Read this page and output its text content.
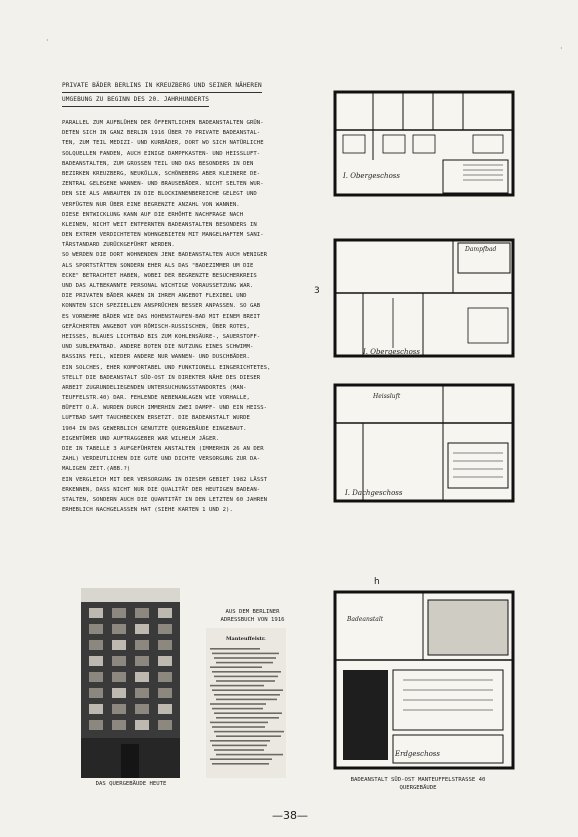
·
·
PRIVATE BÄDER BERLINS IN KREUZBERG UND SEINER NÄHEREN UMGEBUNG ZU BEGINN DES 20. JAHRHUNDERTS
PARALLEL ZUM AUFBLÜHEN DER ÖFFENTLICHEN BADEANSTALTEN GRÜN-
DETEN SICH IN GANZ BERLIN 1916 ÜBER 70 PRIVATE BADEANSTAL-
TEN, ZUM TEIL MEDIZI- UND KURBÄDER, DORT WO SICH NATÜRLICHE
SOLQUELLEN FANDEN, AUCH EINIGE DAMPFKASTEN- UND HEISSLUFT-
BADEANSTALTEN, ZUM GROSSEN TEIL UND DAS BESONDERS IN DEN
BEZIRKEN KREUZBERG, NEUKÖLLN, SCHÖNEBERG ABER KLEINERE DE-
ZENTRAL GELEGENE WANNEN- UND BRAUSEBÄDER. NICHT SELTEN WUR-
DEN SIE ALS ANBAUTEN IN DIE BLOCKINNENBEREICHE GELEGT UND
VERFÜGTEN NUR ÜBER EINE BEGRENZTE ANZAHL VON WANNEN.
DIESE ENTWICKLUNG KANN AUF DIE ERHÖHTE NACHFRAGE NACH
KLEINEN, NICHT WEIT ENTFERNTEN BADEANSTALTEN BESONDERS IN
DEN EXTREM VERDICHTETEN WOHNGEBIETEN MIT MANGELHAFTEM SANI-
TÄRSTANDARD ZURÜCKGEFÜHRT WERDEN.
SO WERDEN DIE DORT WOHNENDEN JENE BADEANSTALTEN AUCH WENIGER
ALS SPORTSTÄTTEN SONDERN EHER ALS DAS "BADEZIMMER UM DIE
ECKE" BETRACHTET HABEN, WOBEI DER BEGRENZTE BESUCHERKREIS
UND DAS ALTBEKANNTE PERSONAL WICHTIGE VORAUSSETZUNG WAR.
DIE PRIVATEN BÄDER WAREN IN IHREM ANGEBOT FLEXIBEL UND
KONNTEN SICH SPEZIELLEN ANSPRÜCHEN BESSER ANPASSEN. SO GAB
ES VORNEHME BÄDER WIE DAS HOHENSTAUFEN-BAD MIT EINEM BREIT
GEFÄCHERTEN ANGEBOT VOM RÖMISCH-RUSSISCHEN, ÜBER ROTES,
HEISSES, BLAUES LICHTBAD BIS ZUM KOHLENSÄURE-, SAUERSTOFF-
UND SUBLEMATBAD. ANDERE BOTEN DIE NUTZUNG EINES SCHWIMM-
BASSINS FEIL, WIEDER ANDERE NUR WANNEN- UND DUSCHBÄDER.
EIN SOLCHES, EHER KOMFORTABEL UND FUNKTIONELL EINGERICHTETES,
STELLT DIE BADEANSTALT SÜD-OST IN DIREKTER NÄHE DES DIESER
ARBEIT ZUGRUNDELIEGENDEN UNTERSUCHUNGSSTANDORTES (MAN-
TEUFFELSTR.40) DAR. FEHLENDE NEBENANLAGEN WIE VORHALLE,
BÜFETT O.Ä. WURDEN DURCH IMMERHIN ZWEI DAMPF- UND EIN HEISS-
LUFTBAD SAMT TAUCHBECKEN ERSETZT. DIE BADEANSTALT WURDE
1904 IN DAS GEWERBLICH GENUTZTE QUERGEBÄUDE EINGEBAUT.
EIGENTÜMER UND AUFTRAGGEBER WAR WILHELM JÄGER.
DIE IN TABELLE 3 AUFGEFÜHRTEN ANSTALTEN (IMMERHIN 26 AN DER
ZAHL) VERDEUTLICHEN DIE GUTE UND DICHTE VERSORGUNG ZUR DA-
MALIGEN ZEIT.(ABB.?)
EIN VERGLEICH MIT DER VERSORGUNG IN DIESEM GEBIET 1982 LÄSST
ERKENNEN, DASS NICHT NUR DIE QUALITÄT DER HEUTIGEN BADEAN-
STALTEN, SONDERN AUCH DIE QUANTITÄT IN DEN LETZTEN 60 JAHREN
ERHEBLICH NACHGELASSEN HAT (SIEHE KARTEN 1 UND 2).
DAS QUERGEBÄUDE HEUTE
AUS DEM BERLINER
ADRESSBUCH VON 1916
Manteuffelstr.
I. Obergeschoss
Dampfbad
I. Obergeschoss
3
Heissluft
I. Dachgeschoss
h
Badeanstalt
Erdgeschoss
BADEANSTALT SÜD-OST MANTEUFFELSTRASSE 40
QUERGEBÄUDE
—38—
